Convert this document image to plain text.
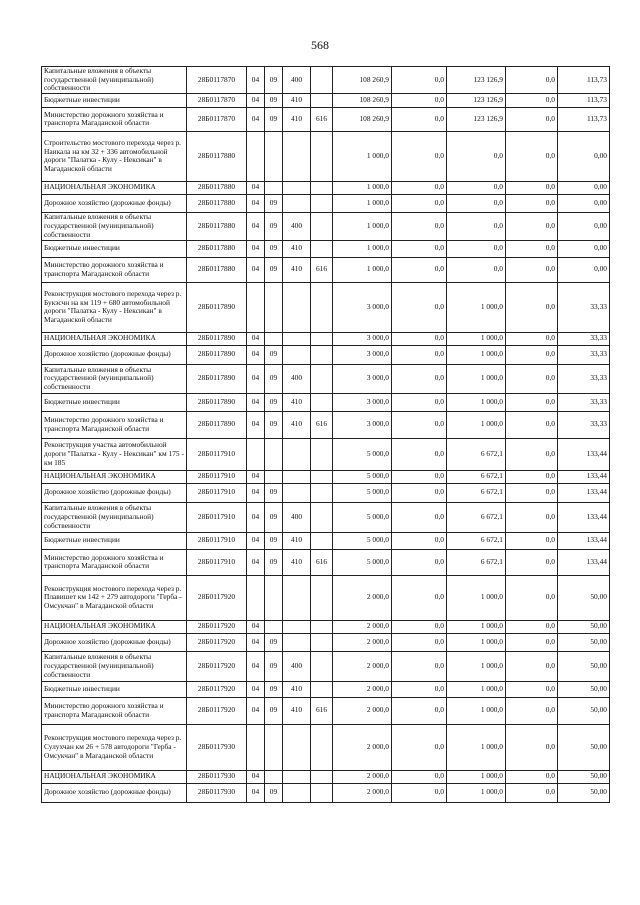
568
Капитальные вложения в объекты государственной (муниципальной) собственности	28Б0117870	04	09	400		108 260,9	0,0	123 126,9	0,0	113,73
Бюджетные инвестиции	28Б0117870	04	09	410		108 260,9	0,0	123 126,9	0,0	113,73
Министерство дорожного хозяйства и транспорта Магаданской области	28Б0117870	04	09	410	616	108 260,9	0,0	123 126,9	0,0	113,73
Строительство мостового перехода через р. Наикала на км 32 + 336 автомобильной дороги "Палатка - Кулу - Нексикан" в Магаданской области	28Б0117880					1 000,0	0,0	0,0	0,0	0,00
НАЦИОНАЛЬНАЯ ЭКОНОМИКА	28Б0117880	04				1 000,0	0,0	0,0	0,0	0,00
Дорожное хозяйство (дорожные фонды)	28Б0117880	04	09			1 000,0	0,0	0,0	0,0	0,00
Капитальные вложения в объекты государственной (муниципальной) собственности	28Б0117880	04	09	400		1 000,0	0,0	0,0	0,0	0,00
Бюджетные инвестиции	28Б0117880	04	09	410		1 000,0	0,0	0,0	0,0	0,00
Министерство дорожного хозяйства и транспорта Магаданской области	28Б0117880	04	09	410	616	1 000,0	0,0	0,0	0,0	0,00
Реконструкция мостового перехода через р. Букэсчн на км 119 + 680 автомобильной дороги "Палатка - Кулу - Нексикан" в Магаданской области	28Б0117890					3 000,0	0,0	1 000,0	0,0	33,33
НАЦИОНАЛЬНАЯ ЭКОНОМИКА	28Б0117890	04				3 000,0	0,0	1 000,0	0,0	33,33
Дорожное хозяйство (дорожные фонды)	28Б0117890	04	09			3 000,0	0,0	1 000,0	0,0	33,33
Капитальные вложения в объекты государственной (муниципальной) собственности	28Б0117890	04	09	400		3 000,0	0,0	1 000,0	0,0	33,33
Бюджетные инвестиции	28Б0117890	04	09	410		3 000,0	0,0	1 000,0	0,0	33,33
Министерство дорожного хозяйства и транспорта Магаданской области	28Б0117890	04	09	410	616	3 000,0	0,0	1 000,0	0,0	33,33
Реконструкция участка автомобильной дороги "Палатка - Кулу - Нексикан" км 175 - км 185	28Б0117910					5 000,0	0,0	6 672,1	0,0	133,44
НАЦИОНАЛЬНАЯ ЭКОНОМИКА	28Б0117910	04				5 000,0	0,0	6 672,1	0,0	133,44
Дорожное хозяйство (дорожные фонды)	28Б0117910	04	09			5 000,0	0,0	6 672,1	0,0	133,44
Капитальные вложения в объекты государственной (муниципальной) собственности	28Б0117910	04	09	400		5 000,0	0,0	6 672,1	0,0	133,44
Бюджетные инвестиции	28Б0117910	04	09	410		5 000,0	0,0	6 672,1	0,0	133,44
Министерство дорожного хозяйства и транспорта Магаданской области	28Б0117910	04	09	410	616	5 000,0	0,0	6 672,1	0,0	133,44
Реконструкция мостового перехода через р. Плавишет км 142 + 279 автодороги "Герба - Омсукчан" в Магаданской области	28Б0117920					2 000,0	0,0	1 000,0	0,0	50,00
НАЦИОНАЛЬНАЯ ЭКОНОМИКА	28Б0117920	04				2 000,0	0,0	1 000,0	0,0	50,00
Дорожное хозяйство (дорожные фонды)	28Б0117920	04	09			2 000,0	0,0	1 000,0	0,0	50,00
Капитальные вложения в объекты государственной (муниципальной) собственности	28Б0117920	04	09	400		2 000,0	0,0	1 000,0	0,0	50,00
Бюджетные инвестиции	28Б0117920	04	09	410		2 000,0	0,0	1 000,0	0,0	50,00
Министерство дорожного хозяйства и транспорта Магаданской области	28Б0117920	04	09	410	616	2 000,0	0,0	1 000,0	0,0	50,00
Реконструкция мостового перехода через р. Сулухчан км 26 + 578 автодороги "Герба - Омсукчан" в Магаданской области	28Б0117930					2 000,0	0,0	1 000,0	0,0	50,00
НАЦИОНАЛЬНАЯ ЭКОНОМИКА	28Б0117930	04				2 000,0	0,0	1 000,0	0,0	50,00
Дорожное хозяйство (дорожные фонды)	28Б0117930	04	09			2 000,0	0,0	1 000,0	0,0	50,00
